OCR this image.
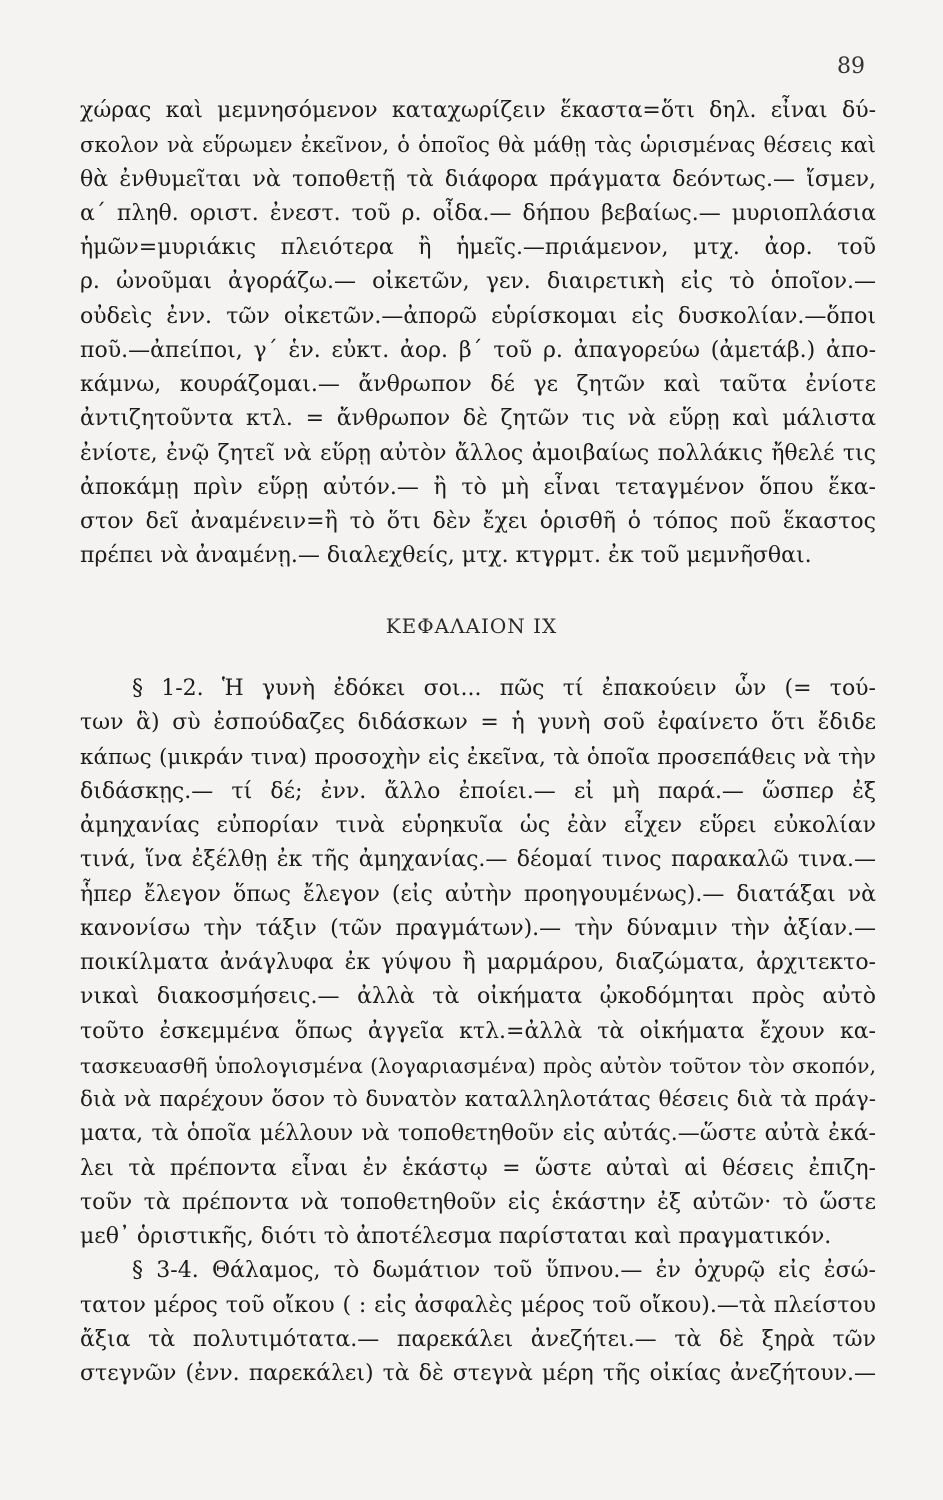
89
χώρας καὶ μεμνησόμενον καταχωρίζειν ἕκαστα=ὅτι δηλ. εἶναι δύ-
σκολον νὰ εὕρωμεν ἐκεῖνον, ὁ ὁποῖος θὰ μάθῃ τὰς ὡρισμένας θέσεις καὶ
θὰ ἐνθυμεῖται νὰ τοποθετῇ τὰ διάφορα πράγματα δεόντως.— ἴσμεν,
α΄ πληθ. οριστ. ἐνεστ. τοῦ ρ. οἶδα.— δήπου βεβαίως.— μυριοπλάσια
ἡμῶν=μυριάκις πλειότερα ἢ ἡμεῖς.—πριάμενον, μτχ. ἀορ. τοῦ
ρ. ὠνοῦμαι ἀγοράζω.— οἰκετῶν, γεν. διαιρετικὴ εἰς τὸ ὁποῖον.—
οὐδεὶς ἐνν. τῶν οἰκετῶν.—ἀπορῶ εὑρίσκομαι εἰς δυσκολίαν.—ὅποι
ποῦ.—ἀπείποι, γ΄ ἑν. εὐκτ. ἀορ. β΄ τοῦ ρ. ἀπαγορεύω (ἀμετάβ.) ἀπο-
κάμνω, κουράζομαι.— ἄνθρωπον δέ γε ζητῶν καὶ ταῦτα ἐνίοτε
ἀντιζητοῦντα κτλ. = ἄνθρωπον δὲ ζητῶν τις νὰ εὕρῃ καὶ μάλιστα
ἐνίοτε, ἐνῷ ζητεῖ νὰ εὕρῃ αὐτὸν ἄλλος ἀμοιβαίως πολλάκις ἤθελέ τις
ἀποκάμῃ πρὶν εὕρῃ αὐτόν.— ἢ τὸ μὴ εἶναι τεταγμένον ὅπου ἕκα-
στον δεῖ ἀναμένειν=ἢ τὸ ὅτι δὲν ἔχει ὁρισθῆ ὁ τόπος ποῦ ἕκαστος
πρέπει νὰ ἀναμένῃ.— διαλεχθείς, μτχ. κτγρμτ. ἐκ τοῦ μεμνῆσθαι.
ΚΕΦΑΛΑΙΟΝ ΙΧ
§ 1-2. Ἡ γυνὴ ἐδόκει σοι... πῶς τί ἐπακούειν ὧν (= τού-
των ἃ) σὺ ἐσπούδαζες διδάσκων = ἡ γυνὴ σοῦ ἐφαίνετο ὅτι ἔδιδε
κάπως (μικράν τινα) προσοχὴν εἰς ἐκεῖνα, τὰ ὁποῖα προσεπάθεις νὰ τὴν
διδάσκῃς.— τί δέ; ἐνν. ἄλλο ἐποίει.— εἰ μὴ παρά.— ὥσπερ ἐξ
ἀμηχανίας εὐπορίαν τινὰ εὑρηκυῖα ὡς ἐὰν εἶχεν εὕρει εὐκολίαν
τινά, ἵνα ἐξέλθῃ ἐκ τῆς ἀμηχανίας.— δέομαί τινος παρακαλῶ τινα.—
ἧπερ ἔλεγον ὅπως ἔλεγον (εἰς αὐτὴν προηγουμένως).— διατάξαι νὰ
κανονίσω τὴν τάξιν (τῶν πραγμάτων).— τὴν δύναμιν τὴν ἀξίαν.—
ποικίλματα ἀνάγλυφα ἐκ γύψου ἢ μαρμάρου, διαζώματα, ἀρχιτεκτο-
νικαὶ διακοσμήσεις.— ἀλλὰ τὰ οἰκήματα ᾠκοδόμηται πρὸς αὐτὸ
τοῦτο ἐσκεμμένα ὅπως ἀγγεῖα κτλ.=ἀλλὰ τὰ οἰκήματα ἔχουν κα-
τασκευασθῆ ὑπολογισμένα (λογαριασμένα) πρὸς αὐτὸν τοῦτον τὸν σκοπόν,
διὰ νὰ παρέχουν ὅσον τὸ δυνατὸν καταλληλοτάτας θέσεις διὰ τὰ πράγ-
ματα, τὰ ὁποῖα μέλλουν νὰ τοποθετηθοῦν εἰς αὐτάς.—ὥστε αὐτὰ ἐκά-
λει τὰ πρέποντα εἶναι ἐν ἑκάστῳ = ὥστε αὐταὶ αἱ θέσεις ἐπιζη-
τοῦν τὰ πρέποντα νὰ τοποθετηθοῦν εἰς ἑκάστην ἐξ αὐτῶν· τὸ ὥστε
μεθ᾽ ὁριστικῆς, διότι τὸ ἀποτέλεσμα παρίσταται καὶ πραγματικόν.
§ 3-4. Θάλαμος, τὸ δωμάτιον τοῦ ὕπνου.— ἐν ὀχυρῷ εἰς ἐσώ-
τατον μέρος τοῦ οἴκου ( : εἰς ἀσφαλὲς μέρος τοῦ οἴκου).—τὰ πλείστου
ἄξια τὰ πολυτιμότατα.— παρεκάλει ἀνεζήτει.— τὰ δὲ ξηρὰ τῶν
στεγνῶν (ἐνν. παρεκάλει) τὰ δὲ στεγνὰ μέρη τῆς οἰκίας ἀνεζήτουν.—
